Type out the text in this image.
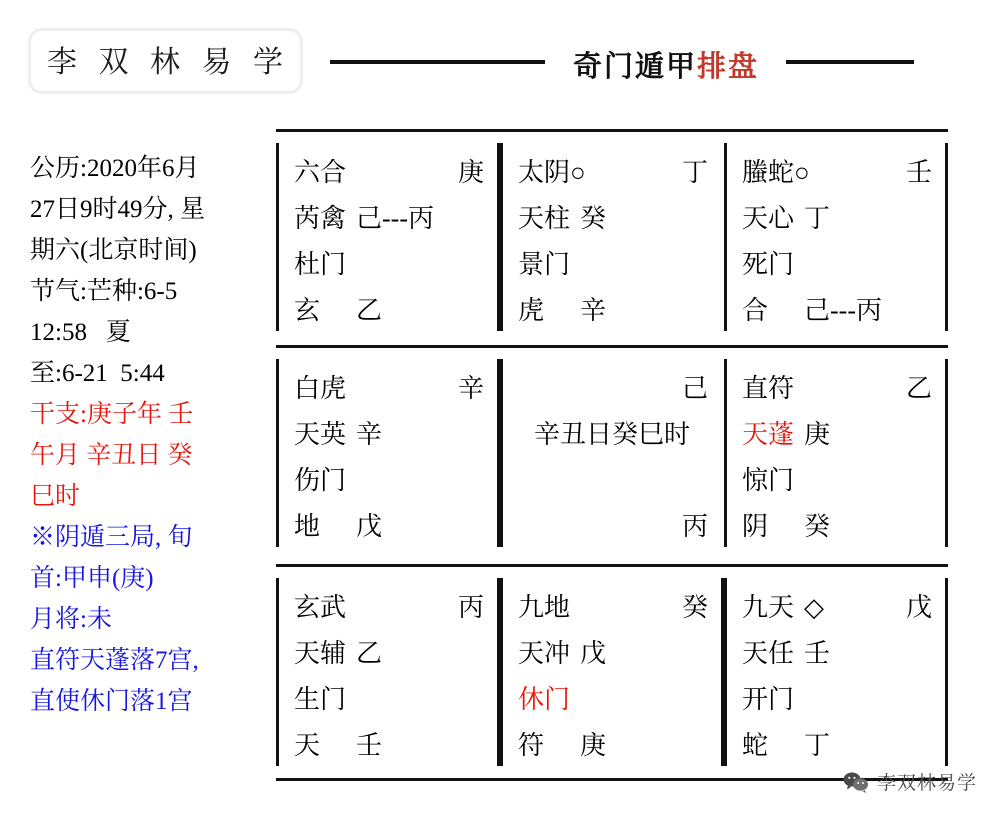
李 双 林 易 学	奇门遁甲排盘
公历:2020年6月
27日9时49分, 星
期六(北京时间)
节气:芒种:6-5
12:58   夏
至:6-21  5:44
干支:庚子年 壬
午月 辛丑日 癸
巳时
※阴遁三局, 旬
首:甲申(庚)
月将:未
直符天蓬落7宫,
直使休门落1宫
六合	庚
芮禽 己---丙
杜门
玄 乙
太阴○	丁
天柱 癸
景门
虎 辛
螣蛇○	壬
天心 丁
死门
合 己---丙
白虎	辛
天英 辛
伤门
地 戊
己
辛丑日癸巳时
丙
直符	乙
天蓬 庚
惊门
阴 癸
玄武	丙
天辅 乙
生门
天 壬
九地	癸
天冲 戊
休门
符 庚
九天 ◇	戊
天任 壬
开门
蛇 丁
李双林易学
